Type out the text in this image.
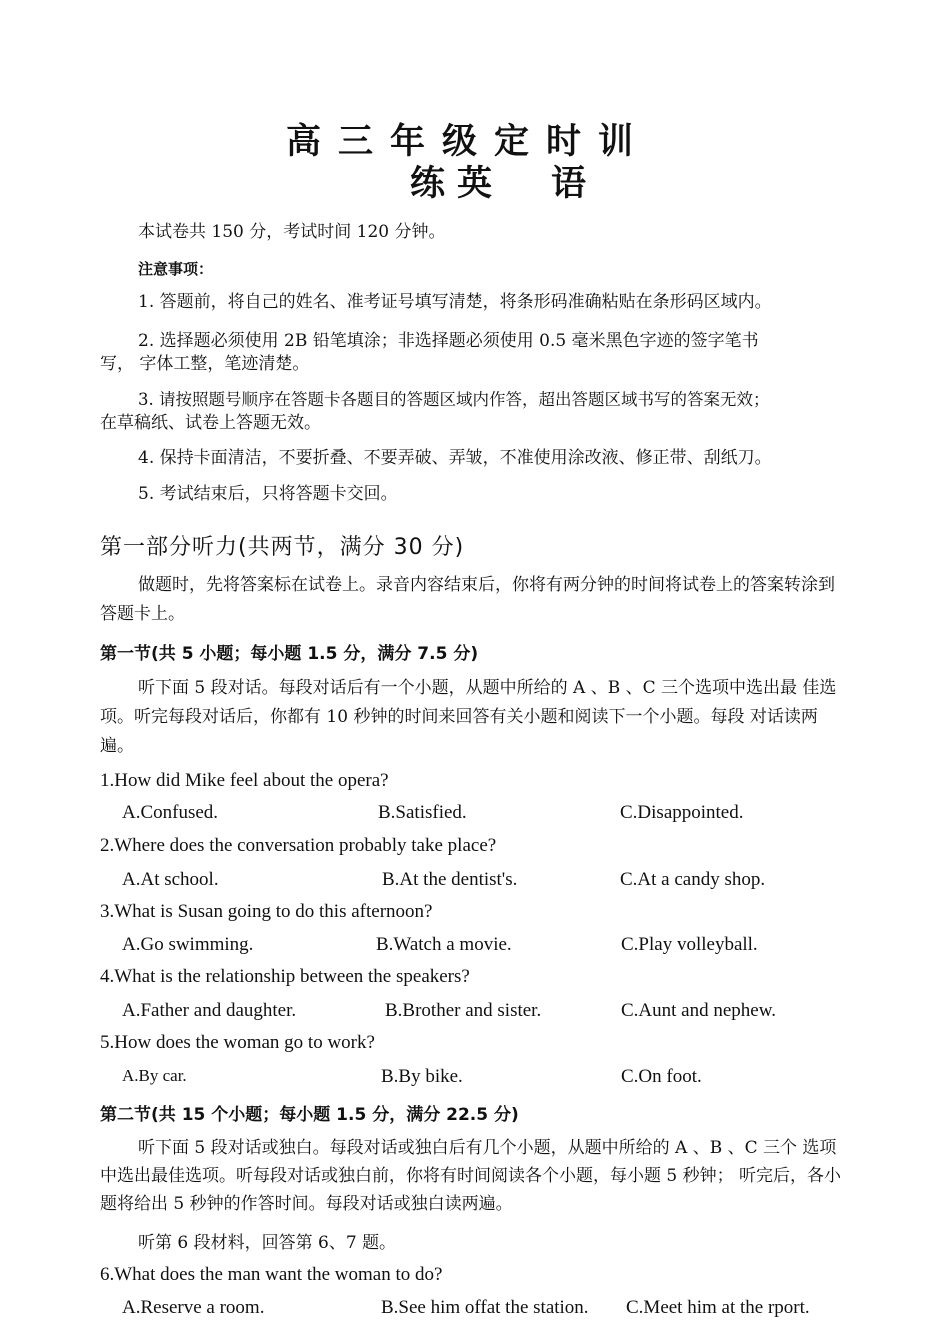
高三年级定时训
练英　语
本试卷共 150 分，考试时间 120 分钟。
注意事项：
1. 答题前，将自己的姓名、准考证号填写清楚，将条形码准确粘贴在条形码区域内。
2. 选择题必须使用 2B 铅笔填涂；非选择题必须使用 0.5 毫米黑色字迹的签字笔书
写， 字体工整，笔迹清楚。
3. 请按照题号顺序在答题卡各题目的答题区域内作答，超出答题区域书写的答案无效；
在草稿纸、试卷上答题无效。
4. 保持卡面清洁，不要折叠、不要弄破、弄皱，不准使用涂改液、修正带、刮纸刀。
5. 考试结束后，只将答题卡交回。
第一部分听力(共两节，满分 30 分)
做题时，先将答案标在试卷上。录音内容结束后，你将有两分钟的时间将试卷上的答案转涂到答题卡上。
第一节(共 5 小题；每小题 1.5 分，满分 7.5 分)
听下面 5 段对话。每段对话后有一个小题，从题中所给的 A 、B 、C 三个选项中选出最 佳选项。听完每段对话后，你都有 10 秒钟的时间来回答有关小题和阅读下一个小题。每段 对话读两遍。
1.How did Mike feel about the opera?
A.Confused.	B.Satisfied.	C.Disappointed.
2.Where does the conversation probably take place?
A.At school.	B.At the dentist's.	C.At a candy shop.
3.What is Susan going to do this afternoon?
A.Go swimming.	B.Watch a movie.	C.Play volleyball.
4.What is the relationship between the speakers?
A.Father and daughter.	B.Brother and sister.	C.Aunt and nephew.
5.How does the woman go to work?
A.By car.	B.By bike.	C.On foot.
第二节(共 15 个小题；每小题 1.5 分，满分 22.5 分)
听下面 5 段对话或独白。每段对话或独白后有几个小题，从题中所给的 A 、B 、C 三个 选项中选出最佳选项。听每段对话或独白前，你将有时间阅读各个小题，每小题 5 秒钟； 听完后，各小题将给出 5 秒钟的作答时间。每段对话或独白读两遍。
听第 6 段材料，回答第 6、7 题。
6.What does the man want the woman to do?
A.Reserve a room.	B.See him offat the station. C.Meet him at the rport.
